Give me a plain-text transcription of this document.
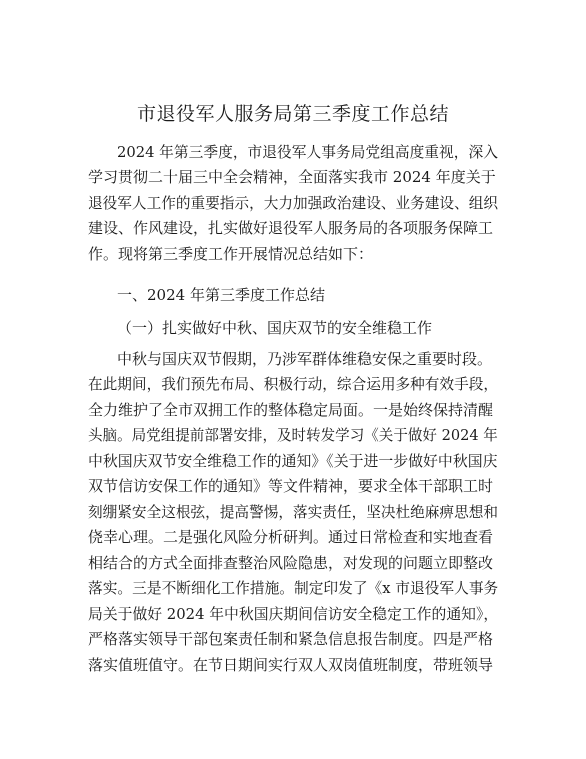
市退役军人服务局第三季度工作总结

2024 年第三季度，市退役军人事务局党组高度重视，深入

学习贯彻二十届三中全会精神，全面落实我市 2024 年度关于

退役军人工作的重要指示，大力加强政治建设、业务建设、组织

建设、作风建设，扎实做好退役军人服务局的各项服务保障工

作。现将第三季度工作开展情况总结如下：

一、2024 年第三季度工作总结

（一）扎实做好中秋、国庆双节的安全维稳工作

中秋与国庆双节假期，乃涉军群体维稳安保之重要时段。

在此期间，我们预先布局、积极行动，综合运用多种有效手段，

全力维护了全市双拥工作的整体稳定局面。一是始终保持清醒

头脑。局党组提前部署安排，及时转发学习《关于做好 2024 年

中秋国庆双节安全维稳工作的通知》《关于进一步做好中秋国庆

双节信访安保工作的通知》等文件精神，要求全体干部职工时

刻绷紧安全这根弦，提高警惕，落实责任，坚决杜绝麻痹思想和

侥幸心理。二是强化风险分析研判。通过日常检查和实地查看

相结合的方式全面排查整治风险隐患，对发现的问题立即整改

落实。三是不断细化工作措施。制定印发了《x 市退役军人事务

局关于做好 2024 年中秋国庆期间信访安全稳定工作的通知》，

严格落实领导干部包案责任制和紧急信息报告制度。四是严格

落实值班值守。在节日期间实行双人双岗值班制度，带班领导
